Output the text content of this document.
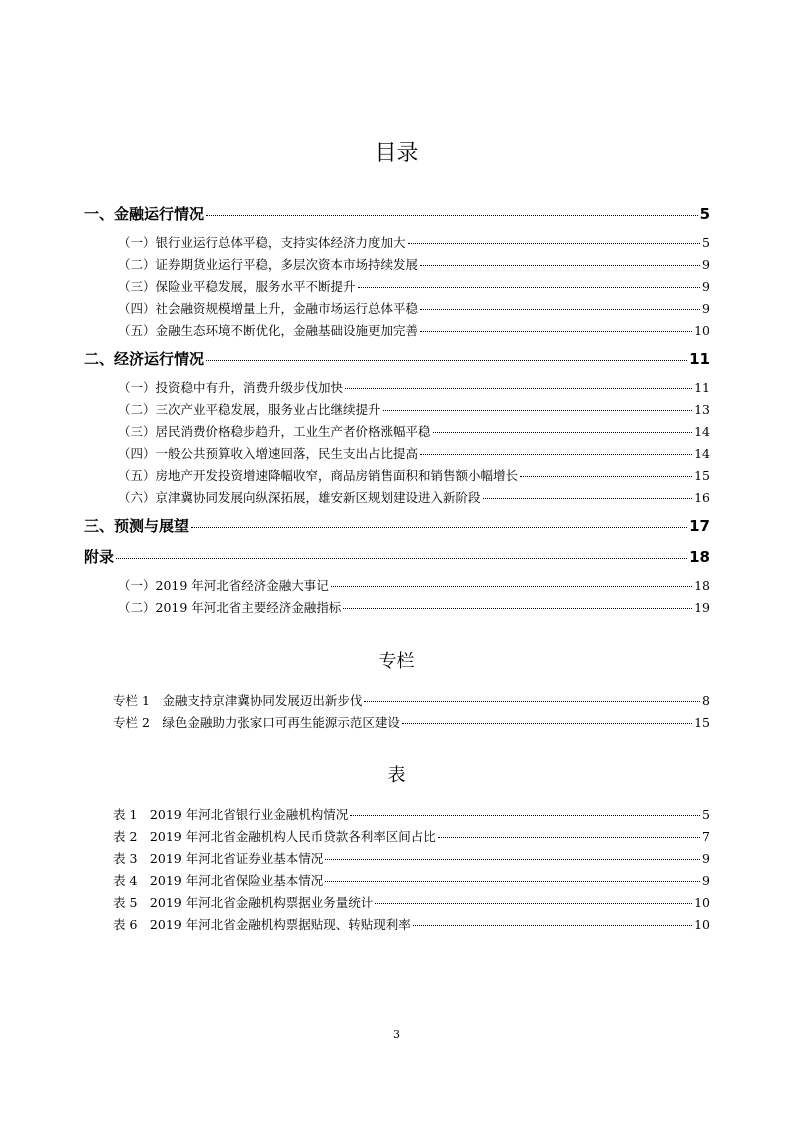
目录
一、金融运行情况	5
（一）银行业运行总体平稳，支持实体经济力度加大	5
（二）证券期货业运行平稳，多层次资本市场持续发展	9
（三）保险业平稳发展，服务水平不断提升	9
（四）社会融资规模增量上升，金融市场运行总体平稳	9
（五）金融生态环境不断优化，金融基础设施更加完善	10
二、经济运行情况	11
（一）投资稳中有升，消费升级步伐加快	11
（二）三次产业平稳发展，服务业占比继续提升	13
（三）居民消费价格稳步趋升，工业生产者价格涨幅平稳	14
（四）一般公共预算收入增速回落，民生支出占比提高	14
（五）房地产开发投资增速降幅收窄，商品房销售面积和销售额小幅增长	15
（六）京津冀协同发展向纵深拓展，雄安新区规划建设进入新阶段	16
三、预测与展望	17
附录	18
（一）2019 年河北省经济金融大事记	18
（二）2019 年河北省主要经济金融指标	19
专栏
专栏 1　金融支持京津冀协同发展迈出新步伐	8
专栏 2　绿色金融助力张家口可再生能源示范区建设	15
表
表 1　2019 年河北省银行业金融机构情况	5
表 2　2019 年河北省金融机构人民币贷款各利率区间占比	7
表 3　2019 年河北省证券业基本情况	9
表 4　2019 年河北省保险业基本情况	9
表 5　2019 年河北省金融机构票据业务量统计	10
表 6　2019 年河北省金融机构票据贴现、转贴现利率	10
3
